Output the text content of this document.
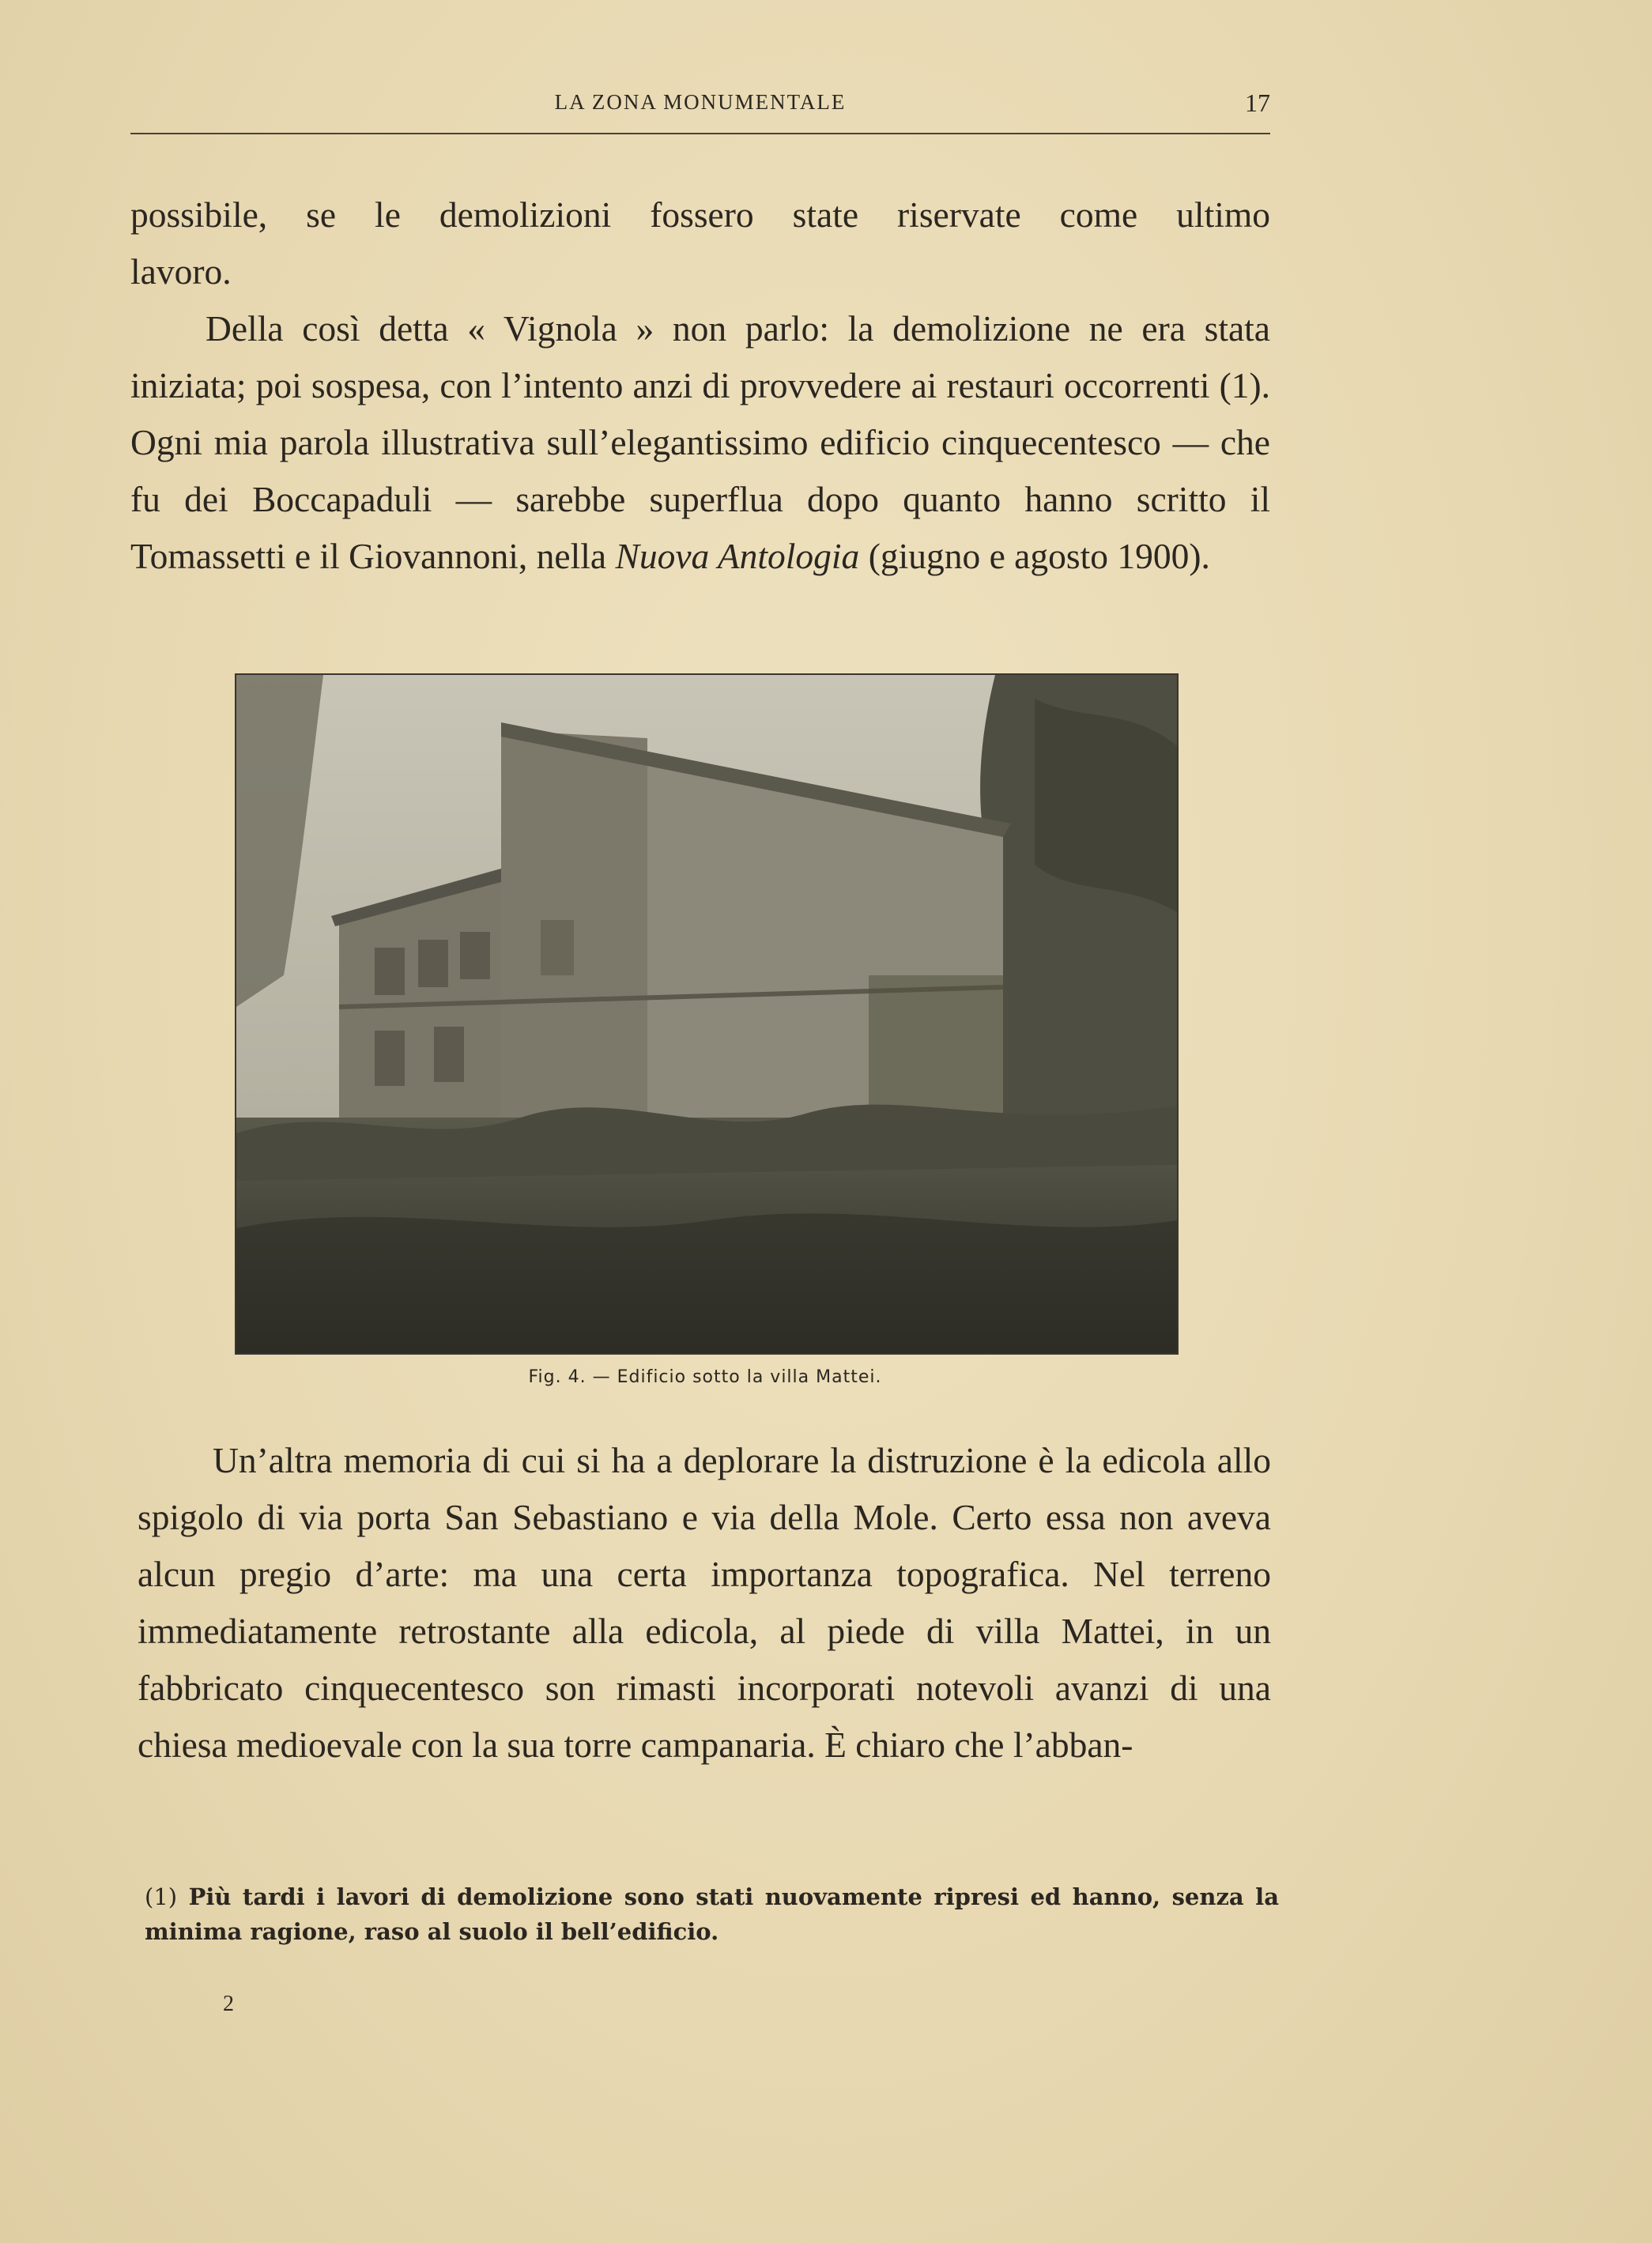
LA ZONA MONUMENTALE	17

possibile, se le demolizioni fossero state riservate come ultimo

lavoro.

Della così detta « Vignola » non parlo: la demolizione ne era stata iniziata; poi sospesa, con l’intento anzi di provvedere ai restauri occorrenti (1). Ogni mia parola illustrativa sull’elegantissimo edificio cinquecentesco — che fu dei Boccapaduli — sarebbe superflua dopo quanto hanno scritto il Tomassetti e il Giovannoni, nella Nuova Antologia (giugno e agosto 1900).

Fig. 4. — Edificio sotto la villa Mattei.

Un’altra memoria di cui si ha a deplorare la distruzione è la edicola allo spigolo di via porta San Sebastiano e via della Mole. Certo essa non aveva alcun pregio d’arte: ma una certa importanza topografica. Nel terreno immediatamente retrostante alla edicola, al piede di villa Mattei, in un fabbricato cinquecentesco son rimasti incorporati notevoli avanzi di una chiesa medioevale con la sua torre campanaria. È chiaro che l’abban-

(1) Più tardi i lavori di demolizione sono stati nuovamente ripresi ed hanno, senza la minima ragione, raso al suolo il bell’edificio.
2
